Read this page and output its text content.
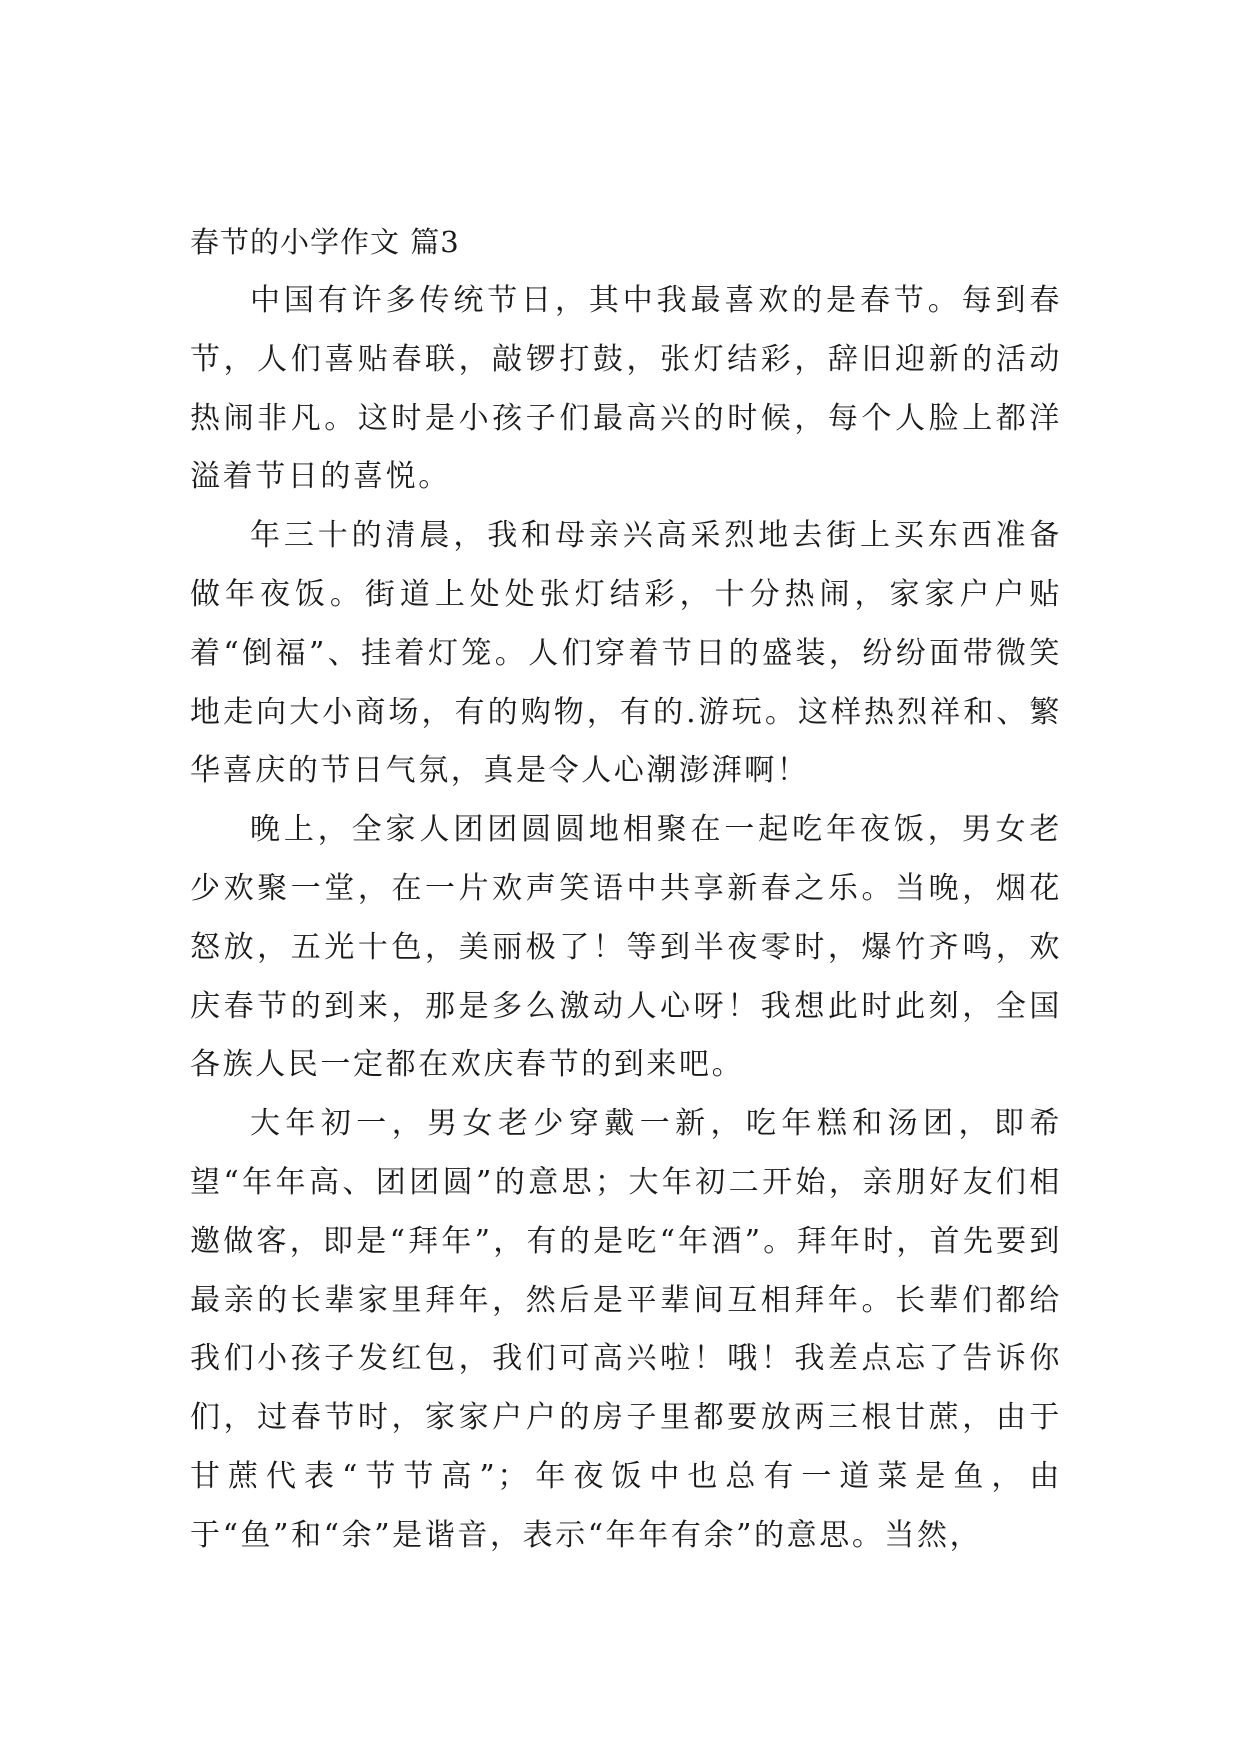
春节的小学作文 篇3

中国有许多传统节日，其中我最喜欢的是春节。每到春节，人们喜贴春联，敲锣打鼓，张灯结彩，辞旧迎新的活动热闹非凡。这时是小孩子们最高兴的时候，每个人脸上都洋溢着节日的喜悦。

年三十的清晨，我和母亲兴高采烈地去街上买东西准备做年夜饭。街道上处处张灯结彩，十分热闹，家家户户贴着“倒福”、挂着灯笼。人们穿着节日的盛装，纷纷面带微笑地走向大小商场，有的购物，有的.游玩。这样热烈祥和、繁华喜庆的节日气氛，真是令人心潮澎湃啊！

晚上，全家人团团圆圆地相聚在一起吃年夜饭，男女老少欢聚一堂，在一片欢声笑语中共享新春之乐。当晚，烟花怒放，五光十色，美丽极了！等到半夜零时，爆竹齐鸣，欢庆春节的到来，那是多么激动人心呀！我想此时此刻，全国各族人民一定都在欢庆春节的到来吧。

大年初一，男女老少穿戴一新，吃年糕和汤团，即希望“年年高、团团圆”的意思；大年初二开始，亲朋好友们相邀做客，即是“拜年”，有的是吃“年酒”。拜年时，首先要到最亲的长辈家里拜年，然后是平辈间互相拜年。长辈们都给我们小孩子发红包，我们可高兴啦！哦！我差点忘了告诉你们，过春节时，家家户户的房子里都要放两三根甘蔗，由于甘蔗代表“节节高”；年夜饭中也总有一道菜是鱼，由于“鱼”和“余”是谐音，表示“年年有余”的意思。当然，
